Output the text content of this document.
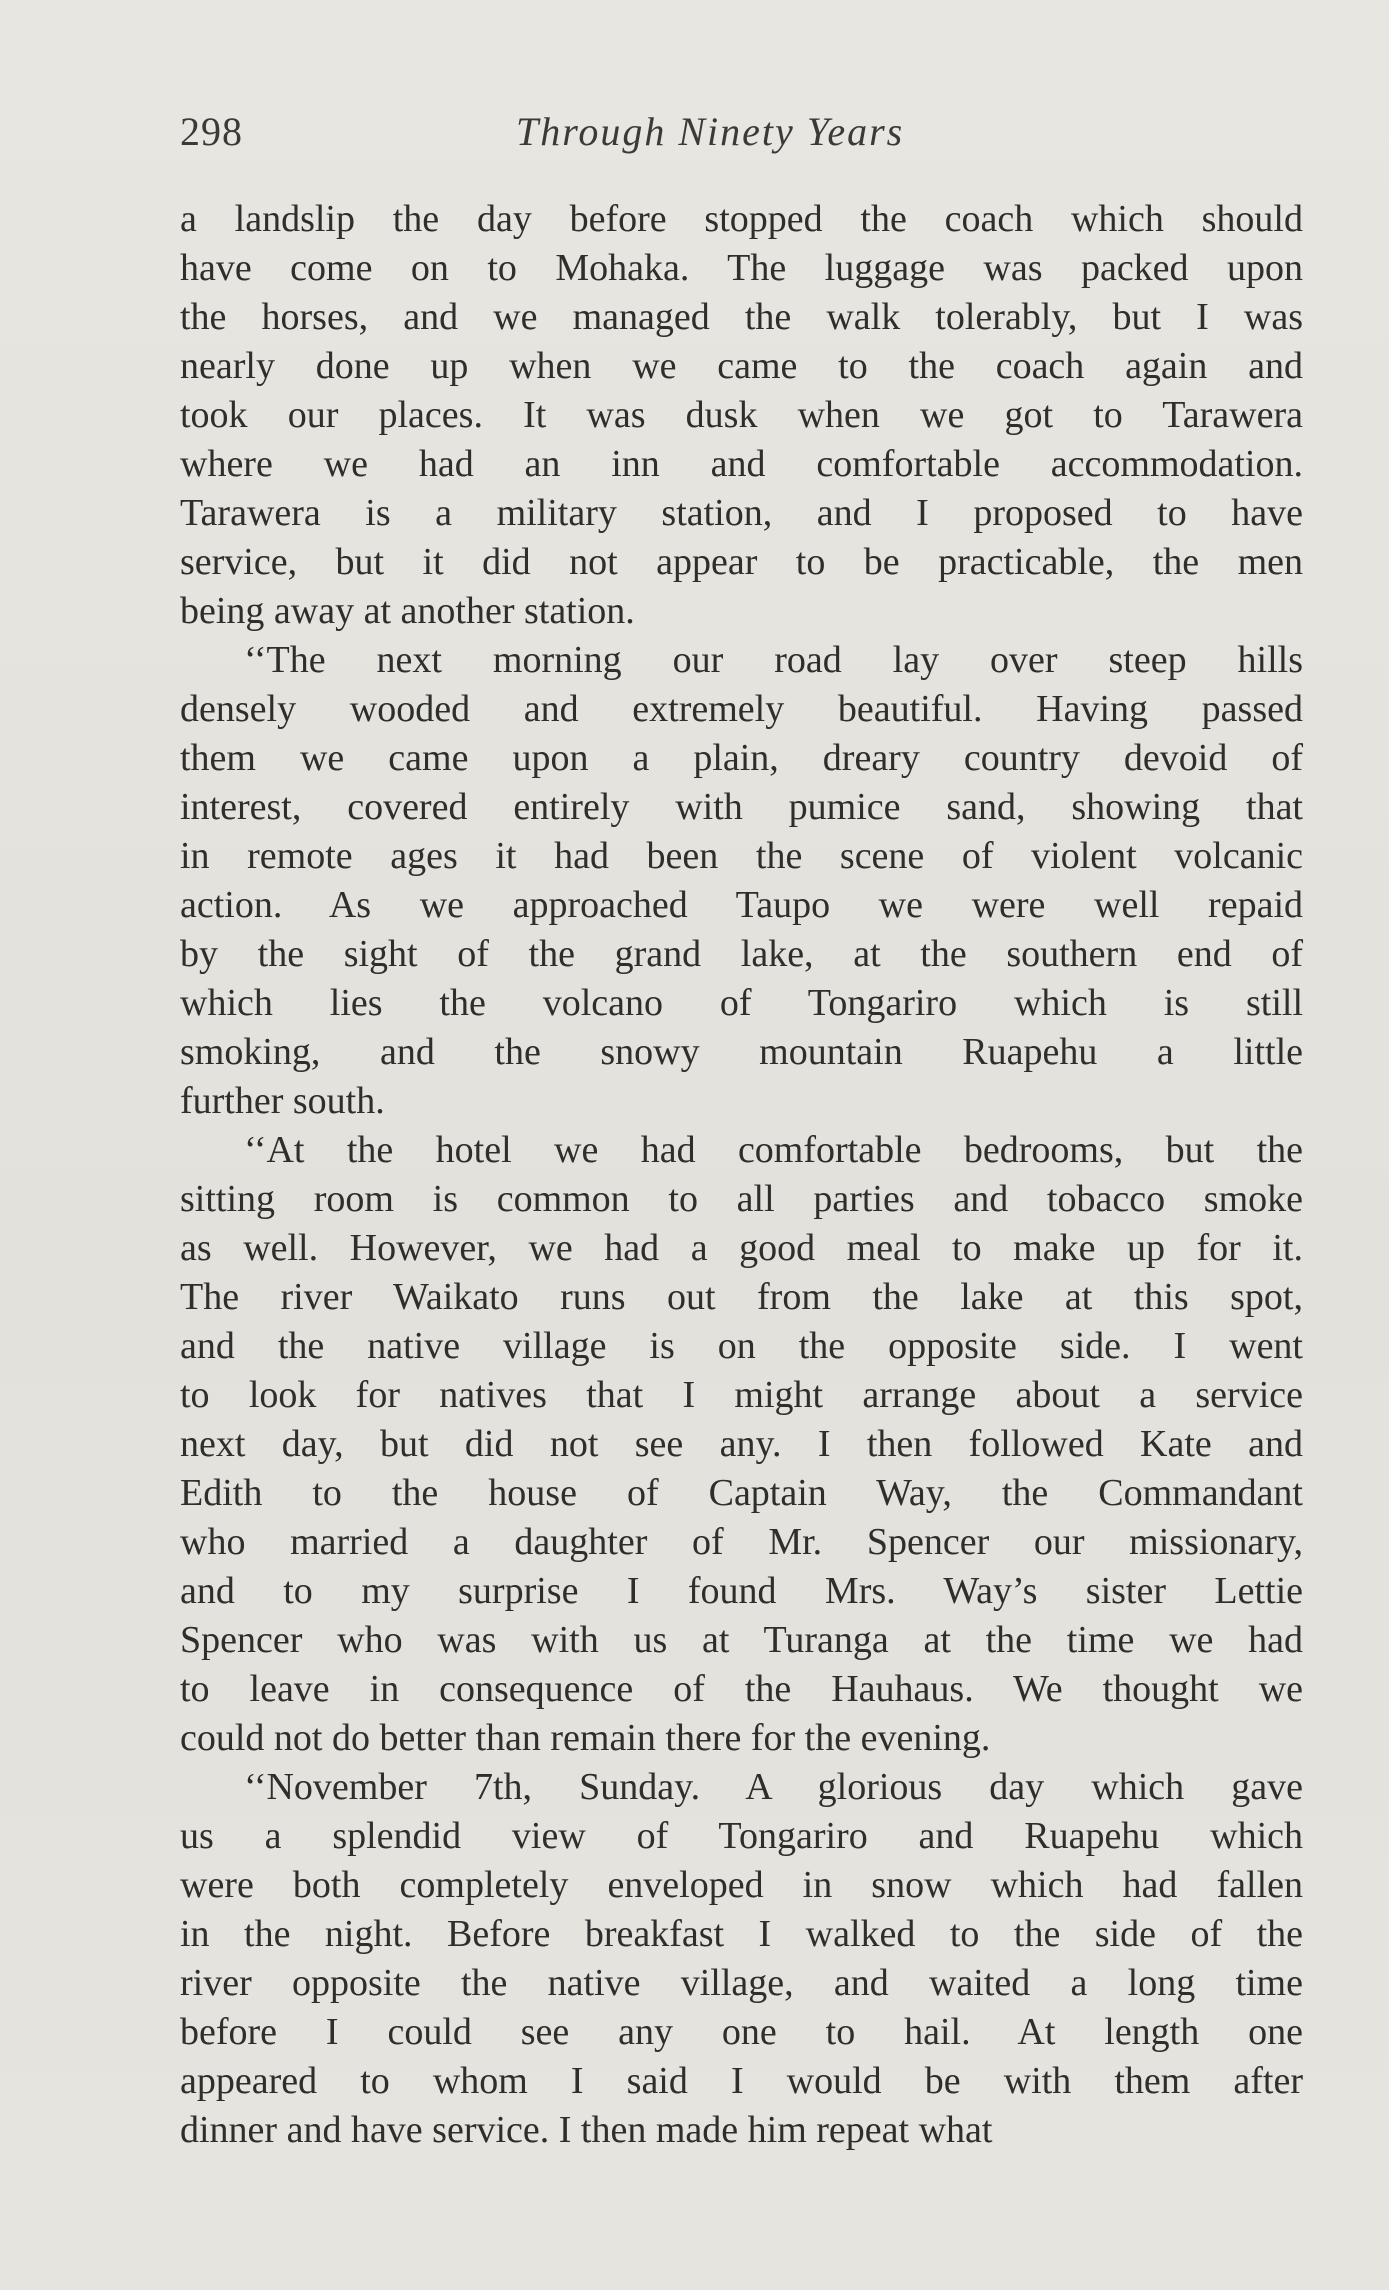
298	Through Ninety Years
a landslip the day before stopped the coach which should
have come on to Mohaka. The luggage was packed upon
the horses, and we managed the walk tolerably, but I was
nearly done up when we came to the coach again and
took our places. It was dusk when we got to Tarawera
where we had an inn and comfortable accommodation.
Tarawera is a military station, and I proposed to have
service, but it did not appear to be practicable, the men
being away at another station.
‘‘The next morning our road lay over steep hills
densely wooded and extremely beautiful. Having passed
them we came upon a plain, dreary country devoid of
interest, covered entirely with pumice sand, showing that
in remote ages it had been the scene of violent volcanic
action. As we approached Taupo we were well repaid
by the sight of the grand lake, at the southern end of
which lies the volcano of Tongariro which is still
smoking, and the snowy mountain Ruapehu a little
further south.
‘‘At the hotel we had comfortable bedrooms, but the
sitting room is common to all parties and tobacco smoke
as well. However, we had a good meal to make up for it.
The river Waikato runs out from the lake at this spot,
and the native village is on the opposite side. I went
to look for natives that I might arrange about a service
next day, but did not see any. I then followed Kate and
Edith to the house of Captain Way, the Commandant
who married a daughter of Mr. Spencer our missionary,
and to my surprise I found Mrs. Way’s sister Lettie
Spencer who was with us at Turanga at the time we had
to leave in consequence of the Hauhaus. We thought we
could not do better than remain there for the evening.
‘‘November 7th, Sunday. A glorious day which gave
us a splendid view of Tongariro and Ruapehu which
were both completely enveloped in snow which had fallen
in the night. Before breakfast I walked to the side of the
river opposite the native village, and waited a long time
before I could see any one to hail. At length one
appeared to whom I said I would be with them after
dinner and have service. I then made him repeat what
